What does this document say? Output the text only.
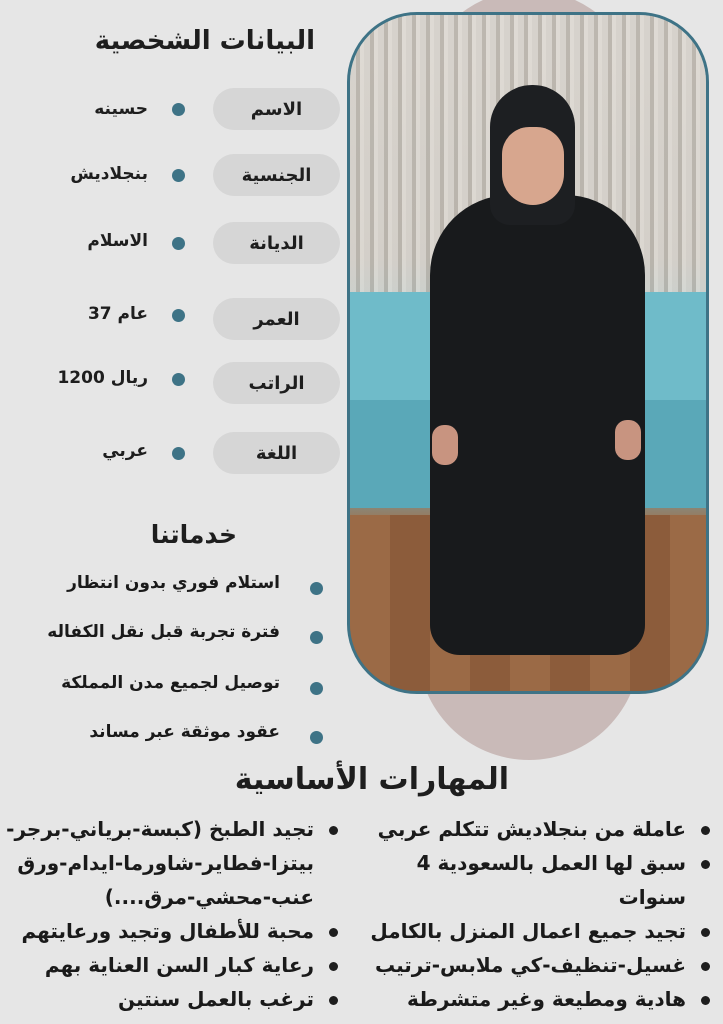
البيانات الشخصية
الاسم
حسينه
الجنسية
بنجلاديش
الديانة
الاسلام
العمر
37 عام
الراتب
1200 ريال
اللغة
عربي
خدماتنا
استلام فوري بدون انتظار
فترة تجربة قبل نقل الكفاله
توصيل لجميع مدن المملكة
عقود موثقة عبر مساند
المهارات الأساسية
عاملة من بنجلاديش تتكلم عربي
سبق لها العمل بالسعودية 4 سنوات
تجيد جميع اعمال المنزل بالكامل
غسيل-تنظيف-كي ملابس-ترتيب
هادية ومطيعة وغير متشرطة
تجيد الطبخ (كبسة-برياني-برجر-بيتزا-فطاير-شاورما-ايدام-ورق عنب-محشي-مرق....)
محبة للأطفال وتجيد ورعايتهم
رعاية كبار السن العناية بهم
ترغب بالعمل سنتين
